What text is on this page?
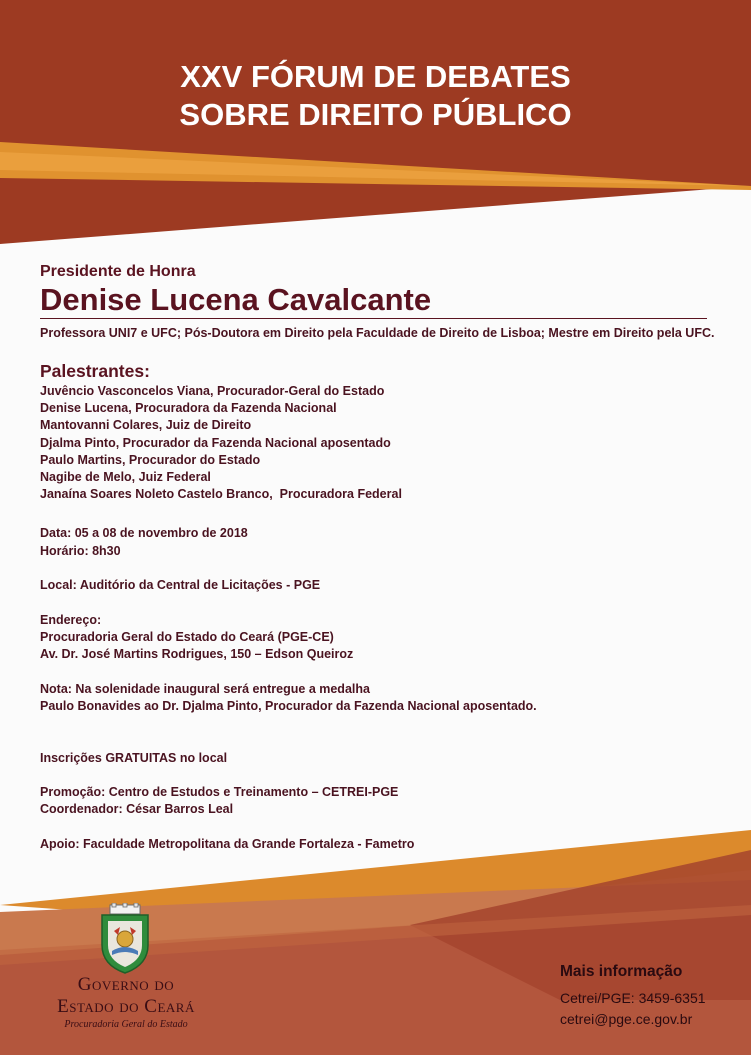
XXV FÓRUM DE DEBATES
SOBRE DIREITO PÚBLICO
Presidente de Honra
Denise Lucena Cavalcante
Professora UNI7 e UFC; Pós-Doutora em Direito pela Faculdade de Direito de Lisboa; Mestre em Direito pela UFC.
Palestrantes:
Juvêncio Vasconcelos Viana, Procurador-Geral do Estado
Denise Lucena, Procuradora da Fazenda Nacional
Mantovanni Colares, Juiz de Direito
Djalma Pinto, Procurador da Fazenda Nacional aposentado
Paulo Martins, Procurador do Estado
Nagibe de Melo, Juiz Federal
Janaína Soares Noleto Castelo Branco,  Procuradora Federal
Data: 05 a 08 de novembro de 2018
Horário: 8h30
Local: Auditório da Central de Licitações - PGE
Endereço:
Procuradoria Geral do Estado do Ceará (PGE-CE)
Av. Dr. José Martins Rodrigues, 150 – Edson Queiroz
Nota: Na solenidade inaugural será entregue a medalha
Paulo Bonavides ao Dr. Djalma Pinto, Procurador da Fazenda Nacional aposentado.
Inscrições GRATUITAS no local
Promoção: Centro de Estudos e Treinamento – CETREI-PGE
Coordenador: César Barros Leal
Apoio: Faculdade Metropolitana da Grande Fortaleza - Fametro
Governo do
Estado do Ceará
Procuradoria Geral do Estado
Mais informação
Cetrei/PGE: 3459-6351
cetrei@pge.ce.gov.br
